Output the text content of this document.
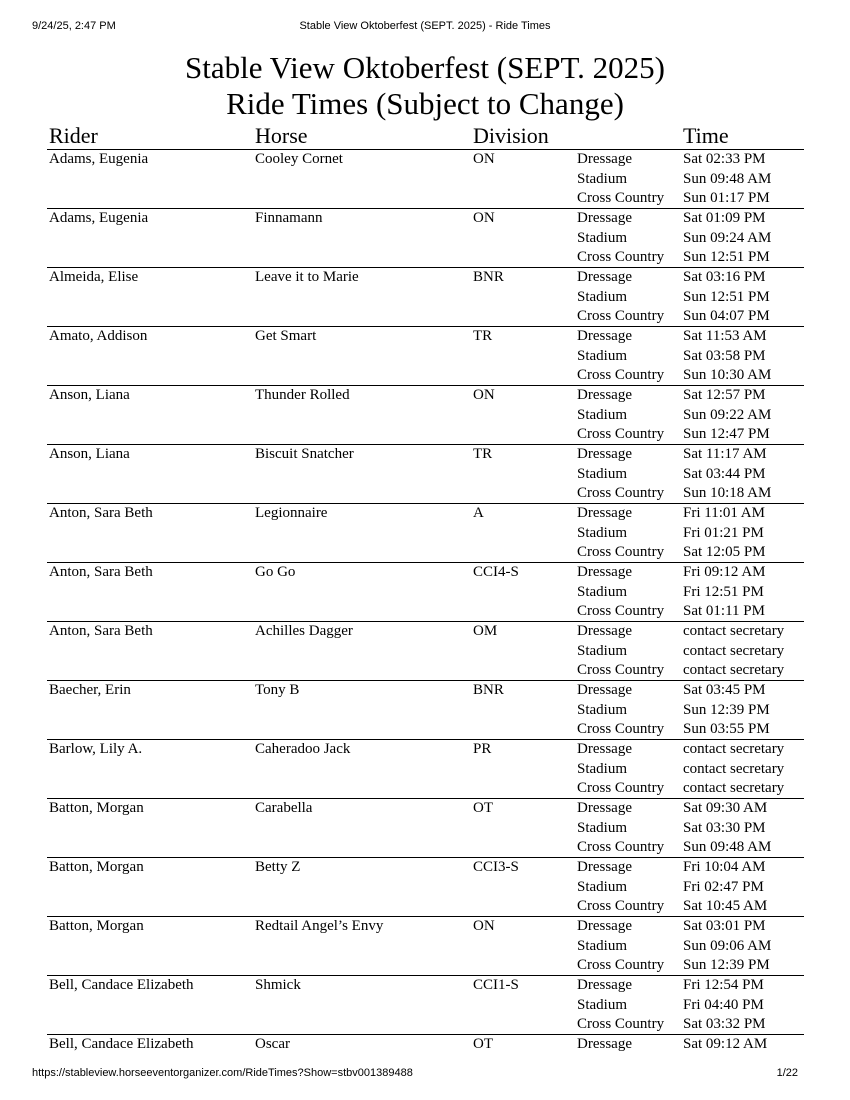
9/24/25, 2:47 PM	Stable View Oktoberfest (SEPT. 2025) - Ride Times
Stable View Oktoberfest (SEPT. 2025)
Ride Times (Subject to Change)
Rider	Horse	Division	Time
Adams, Eugenia	Cooley Cornet	ON	Dressage	Sat 02:33 PM
Stadium	Sun 09:48 AM
Cross Country Sun 01:17 PM
Adams, Eugenia	Finnamann	ON	Dressage	Sat 01:09 PM
Stadium	Sun 09:24 AM
Cross Country Sun 12:51 PM
Almeida, Elise	Leave it to Marie	BNR	Dressage	Sat 03:16 PM
Stadium	Sun 12:51 PM
Cross Country Sun 04:07 PM
Amato, Addison	Get Smart	TR	Dressage	Sat 11:53 AM
Stadium	Sat 03:58 PM
Cross Country Sun 10:30 AM
Anson, Liana	Thunder Rolled	ON	Dressage	Sat 12:57 PM
Stadium	Sun 09:22 AM
Cross Country Sun 12:47 PM
Anson, Liana	Biscuit Snatcher	TR	Dressage	Sat 11:17 AM
Stadium	Sat 03:44 PM
Cross Country Sun 10:18 AM
Anton, Sara Beth	Legionnaire	A	Dressage	Fri 11:01 AM
Stadium	Fri 01:21 PM
Cross Country Sat 12:05 PM
Anton, Sara Beth	Go Go	CCI4-S	Dressage	Fri 09:12 AM
Stadium	Fri 12:51 PM
Cross Country Sat 01:11 PM
Anton, Sara Beth	Achilles Dagger	OM	Dressage	contact secretary
Stadium	contact secretary
Cross Country contact secretary
Baecher, Erin	Tony B	BNR	Dressage	Sat 03:45 PM
Stadium	Sun 12:39 PM
Cross Country Sun 03:55 PM
Barlow, Lily A.	Caheradoo Jack	PR	Dressage	contact secretary
Stadium	contact secretary
Cross Country contact secretary
Batton, Morgan	Carabella	OT	Dressage	Sat 09:30 AM
Stadium	Sat 03:30 PM
Cross Country Sun 09:48 AM
Batton, Morgan	Betty Z	CCI3-S	Dressage	Fri 10:04 AM
Stadium	Fri 02:47 PM
Cross Country Sat 10:45 AM
Batton, Morgan	Redtail Angel’s Envy	ON	Dressage	Sat 03:01 PM
Stadium	Sun 09:06 AM
Cross Country Sun 12:39 PM
Bell, Candace Elizabeth	Shmick	CCI1-S	Dressage	Fri 12:54 PM
Stadium	Fri 04:40 PM
Cross Country Sat 03:32 PM
Bell, Candace Elizabeth	Oscar	OT	Dressage	Sat 09:12 AM
https://stableview.horseeventorganizer.com/RideTimes?Show=stbv001389488	1/22
